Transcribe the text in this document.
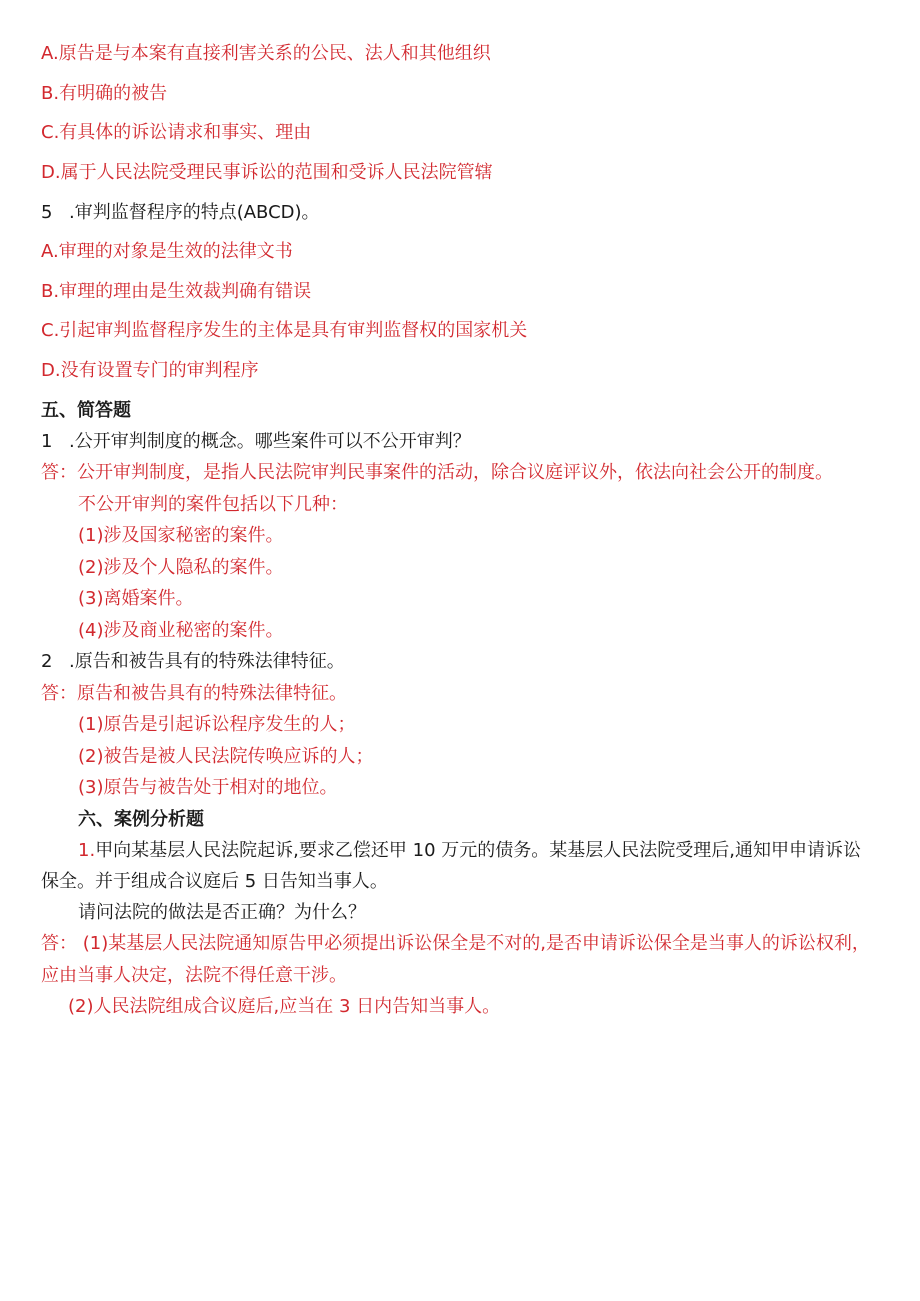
A.原告是与本案有直接利害关系的公民、法人和其他组织
B.有明确的被告
C.有具体的诉讼请求和事实、理由
D.属于人民法院受理民事诉讼的范围和受诉人民法院管辖
5 .审判监督程序的特点(ABCD)。
A.审理的对象是生效的法律文书
B.审理的理由是生效裁判确有错误
C.引起审判监督程序发生的主体是具有审判监督权的国家机关
D.没有设置专门的审判程序
五、简答题
1 .公开审判制度的概念。哪些案件可以不公开审判？
答：公开审判制度，是指人民法院审判民事案件的活动，除合议庭评议外，依法向社会公开的制度。
不公开审判的案件包括以下几种：
(1)涉及国家秘密的案件。
(2)涉及个人隐私的案件。
(3)离婚案件。
(4)涉及商业秘密的案件。
2 .原告和被告具有的特殊法律特征。
答：原告和被告具有的特殊法律特征。
(1)原告是引起诉讼程序发生的人；
(2)被告是被人民法院传唤应诉的人；
(3)原告与被告处于相对的地位。
六、案例分析题
1.甲向某基层人民法院起诉,要求乙偿还甲 10 万元的债务。某基层人民法院受理后,通知甲申请诉讼
保全。并于组成合议庭后 5 日告知当事人。
请问法院的做法是否正确？为什么？
答： (1)某基层人民法院通知原告甲必须提出诉讼保全是不对的,是否申请诉讼保全是当事人的诉讼权利，
应由当事人决定，法院不得任意干涉。
(2)人民法院组成合议庭后,应当在 3 日内告知当事人。
